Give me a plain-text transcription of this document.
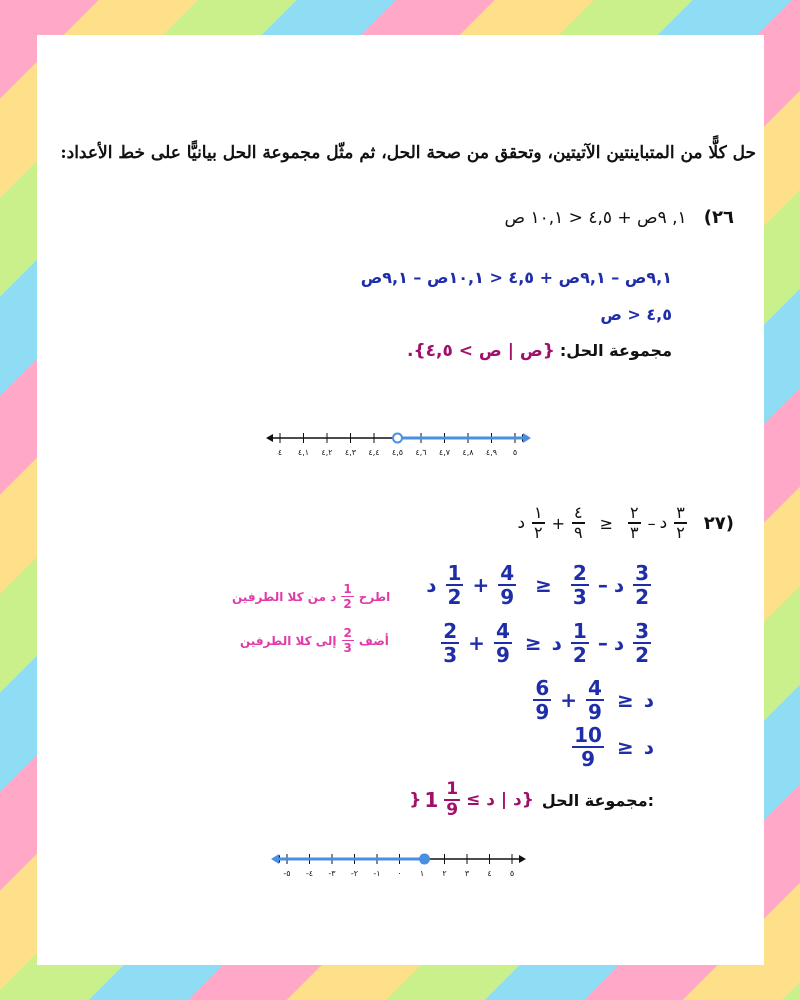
حل كلًّا من المتباينتين الآتيتين، وتحقق من صحة الحل، ثم مثّل مجموعة الحل بيانيًّا على خط الأعداد:
٢٦) ١, ٩ص + ٤,٥ < ١٠,١ ص
٩,١ص – ٩,١ص + ٤,٥ < ١٠,١ص – ٩,١ص
٤,٥ < ص
مجموعة الحل: {ص | ص > ٤,٥}.
٤ ٤,١ ٤,٢ ٤,٣ ٤,٤ ٤,٥ ٤,٦ ٤,٧ ٤,٨ ٤,٩ ٥
د $\frac{١}{٢} + \frac{٤}{٩} \ge \frac{٢}{٣}$ – د $\frac{٣}{٢}$ ٢٧)
د $\frac{1}{2} + \frac{4}{9} \ge \frac{2}{3}$ – د $\frac{3}{2}$
اطرح
$\frac{1}{2}$
د من كلا الطرفين
$\frac{2}{3} + \frac{4}{9}$ ≥ د $\frac{1}{2}$ – د $\frac{3}{2}$
أضف
$\frac{2}{3}$
إلى كلا الطرفين
$\frac{6}{9} + \frac{4}{9}$ ≥ د
$\frac{10}{9}$ ≥ د
} $1 \frac{1}{9}$ {د | د ≥ مجموعة الحل:
-٥ -٤ -٣ -٢ -١ ٠ ١ ٢ ٣ ٤ ٥
